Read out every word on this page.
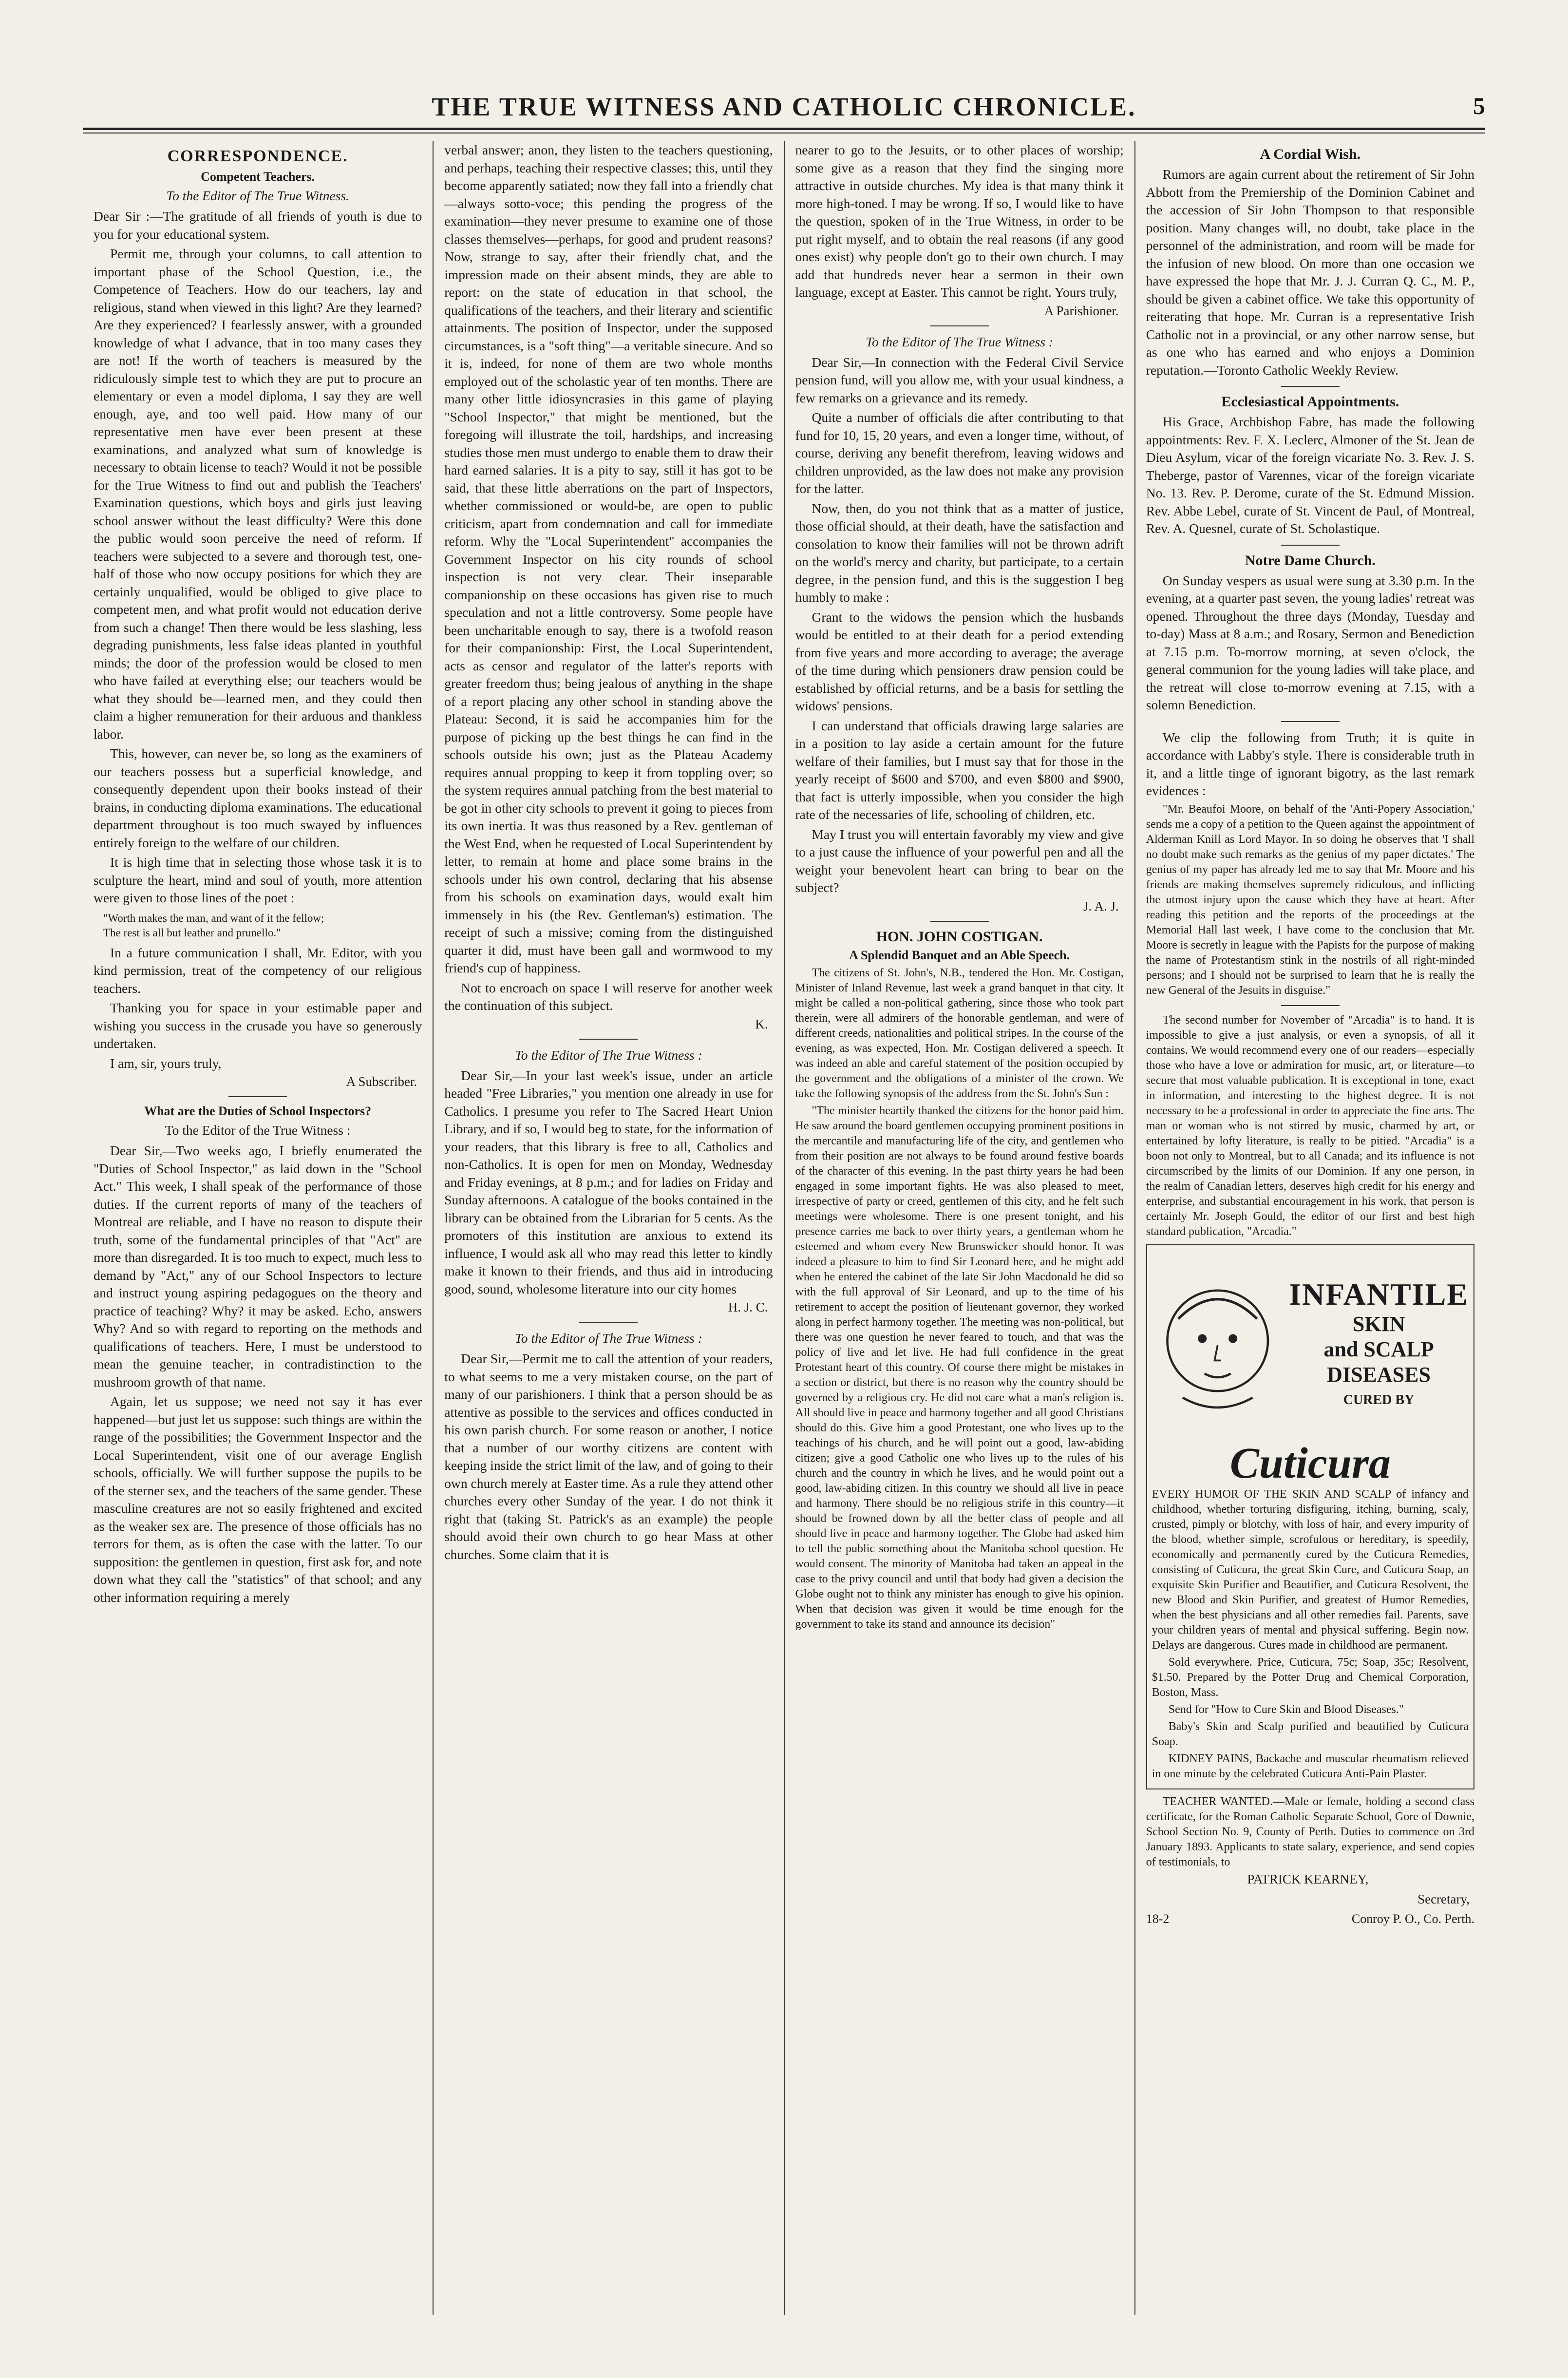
THE TRUE WITNESS AND CATHOLIC CHRONICLE.	5
CORRESPONDENCE.
Competent Teachers.
To the Editor of The True Witness.

Dear Sir :—The gratitude of all friends of youth is due to you for your educational system.

Permit me, through your columns, to call attention to important phase of the School Question, i.e., the Competence of Teachers. How do our teachers, lay and religious, stand when viewed in this light? Are they learned? Are they experienced? I fearlessly answer, with a grounded knowledge of what I advance, that in too many cases they are not! If the worth of teachers is measured by the ridiculously simple test to which they are put to procure an elementary or even a model diploma, I say they are well enough, aye, and too well paid. How many of our representative men have ever been present at these examinations, and analyzed what sum of knowledge is necessary to obtain license to teach? Would it not be possible for the True Witness to find out and publish the Teachers' Examination questions, which boys and girls just leaving school answer without the least difficulty? Were this done the public would soon perceive the need of reform. If teachers were subjected to a severe and thorough test, one-half of those who now occupy positions for which they are certainly unqualified, would be obliged to give place to competent men, and what profit would not education derive from such a change! Then there would be less slashing, less degrading punishments, less false ideas planted in youthful minds; the door of the profession would be closed to men who have failed at everything else; our teachers would be what they should be—learned men, and they could then claim a higher remuneration for their arduous and thankless labor.

This, however, can never be, so long as the examiners of our teachers possess but a superficial knowledge, and consequently dependent upon their books instead of their brains, in conducting diploma examinations. The educational department throughout is too much swayed by influences entirely foreign to the welfare of our children.

It is high time that in selecting those whose task it is to sculpture the heart, mind and soul of youth, more attention were given to those lines of the poet :

"Worth makes the man, and want of it the fellow;
The rest is all but leather and prunello."

In a future communication I shall, Mr. Editor, with you kind permission, treat of the competency of our religious teachers.

Thanking you for space in your estimable paper and wishing you success in the crusade you have so generously undertaken.

I am, sir, yours truly,

A Subscriber.
What are the Duties of School Inspectors?
To the Editor of the True Witness :

Dear Sir,—Two weeks ago, I briefly enumerated the "Duties of School Inspector," as laid down in the "School Act." This week, I shall speak of the performance of those duties. If the current reports of many of the teachers of Montreal are reliable, and I have no reason to dispute their truth, some of the fundamental principles of that "Act" are more than disregarded. It is too much to expect, much less to demand by "Act," any of our School Inspectors to lecture and instruct young aspiring pedagogues on the theory and practice of teaching? Why? it may be asked. Echo, answers Why? And so with regard to reporting on the methods and qualifications of teachers. Here, I must be understood to mean the genuine teacher, in contradistinction to the mushroom growth of that name.

Again, let us suppose; we need not say it has ever happened—but just let us suppose: such things are within the range of the possibilities; the Government Inspector and the Local Superintendent, visit one of our average English schools, officially. We will further suppose the pupils to be of the sterner sex, and the teachers of the same gender. These masculine creatures are not so easily frightened and excited as the weaker sex are. The presence of those officials has no terrors for them, as is often the case with the latter. To our supposition: the gentlemen in question, first ask for, and note down what they call the "statistics" of that school; and any other information requiring a merely

verbal answer; anon, they listen to the teachers questioning, and perhaps, teaching their respective classes; this, until they become apparently satiated; now they fall into a friendly chat—always sotto-voce; this pending the progress of the examination—they never presume to examine one of those classes themselves—perhaps, for good and prudent reasons? Now, strange to say, after their friendly chat, and the impression made on their absent minds, they are able to report: on the state of education in that school, the qualifications of the teachers, and their literary and scientific attainments. The position of Inspector, under the supposed circumstances, is a "soft thing"—a veritable sinecure. And so it is, indeed, for none of them are two whole months employed out of the scholastic year of ten months. There are many other little idiosyncrasies in this game of playing "School Inspector," that might be mentioned, but the foregoing will illustrate the toil, hardships, and increasing studies those men must undergo to enable them to draw their hard earned salaries. It is a pity to say, still it has got to be said, that these little aberrations on the part of Inspectors, whether commissioned or would-be, are open to public criticism, apart from condemnation and call for immediate reform. Why the "Local Superintendent" accompanies the Government Inspector on his city rounds of school inspection is not very clear. Their inseparable companionship on these occasions has given rise to much speculation and not a little controversy. Some people have been uncharitable enough to say, there is a twofold reason for their companionship: First, the Local Superintendent, acts as censor and regulator of the latter's reports with greater freedom thus; being jealous of anything in the shape of a report placing any other school in standing above the Plateau: Second, it is said he accompanies him for the purpose of picking up the best things he can find in the schools outside his own; just as the Plateau Academy requires annual propping to keep it from toppling over; so the system requires annual patching from the best material to be got in other city schools to prevent it going to pieces from its own inertia. It was thus reasoned by a Rev. gentleman of the West End, when he requested of Local Superintendent by letter, to remain at home and place some brains in the schools under his own control, declaring that his absense from his schools on examination days, would exalt him immensely in his (the Rev. Gentleman's) estimation. The receipt of such a missive; coming from the distinguished quarter it did, must have been gall and wormwood to my friend's cup of happiness.

Not to encroach on space I will reserve for another week the continuation of this subject.

K.
To the Editor of The True Witness :

Dear Sir,—In your last week's issue, under an article headed "Free Libraries," you mention one already in use for Catholics. I presume you refer to The Sacred Heart Union Library, and if so, I would beg to state, for the information of your readers, that this library is free to all, Catholics and non-Catholics. It is open for men on Monday, Wednesday and Friday evenings, at 8 p.m.; and for ladies on Friday and Sunday afternoons. A catalogue of the books contained in the library can be obtained from the Librarian for 5 cents. As the promoters of this institution are anxious to extend its influence, I would ask all who may read this letter to kindly make it known to their friends, and thus aid in introducing good, sound, wholesome literature into our city homes

H. J. C.
To the Editor of The True Witness :

Dear Sir,—Permit me to call the attention of your readers, to what seems to me a very mistaken course, on the part of many of our parishioners. I think that a person should be as attentive as possible to the services and offices conducted in his own parish church. For some reason or another, I notice that a number of our worthy citizens are content with keeping inside the strict limit of the law, and of going to their own church merely at Easter time. As a rule they attend other churches every other Sunday of the year. I do not think it right that (taking St. Patrick's as an example) the people should avoid their own church to go hear Mass at other churches. Some claim that it is

nearer to go to the Jesuits, or to other places of worship; some give as a reason that they find the singing more attractive in outside churches. My idea is that many think it more high-toned. I may be wrong. If so, I would like to have the question, spoken of in the True Witness, in order to be put right myself, and to obtain the real reasons (if any good ones exist) why people don't go to their own church. I may add that hundreds never hear a sermon in their own language, except at Easter. This cannot be right. Yours truly,

A Parishioner.
To the Editor of The True Witness :

Dear Sir,—In connection with the Federal Civil Service pension fund, will you allow me, with your usual kindness, a few remarks on a grievance and its remedy.

Quite a number of officials die after contributing to that fund for 10, 15, 20 years, and even a longer time, without, of course, deriving any benefit therefrom, leaving widows and children unprovided, as the law does not make any provision for the latter.

Now, then, do you not think that as a matter of justice, those official should, at their death, have the satisfaction and consolation to know their families will not be thrown adrift on the world's mercy and charity, but participate, to a certain degree, in the pension fund, and this is the suggestion I beg humbly to make :

Grant to the widows the pension which the husbands would be entitled to at their death for a period extending from five years and more according to average; the average of the time during which pensioners draw pension could be established by official returns, and be a basis for settling the widows' pensions.

I can understand that officials drawing large salaries are in a position to lay aside a certain amount for the future welfare of their families, but I must say that for those in the yearly receipt of $600 and $700, and even $800 and $900, that fact is utterly impossible, when you consider the high rate of the necessaries of life, schooling of children, etc.

May I trust you will entertain favorably my view and give to a just cause the influence of your powerful pen and all the weight your benevolent heart can bring to bear on the subject?

J. A. J.
HON. JOHN COSTIGAN.
A Splendid Banquet and an Able Speech.

The citizens of St. John's, N.B., tendered the Hon. Mr. Costigan, Minister of Inland Revenue, last week a grand banquet in that city. It might be called a non-political gathering, since those who took part therein, were all admirers of the honorable gentleman, and were of different creeds, nationalities and political stripes. In the course of the evening, as was expected, Hon. Mr. Costigan delivered a speech. It was indeed an able and careful statement of the position occupied by the government and the obligations of a minister of the crown. We take the following synopsis of the address from the St. John's Sun :

"The minister heartily thanked the citizens for the honor paid him. He saw around the board gentlemen occupying prominent positions in the mercantile and manufacturing life of the city, and gentlemen who from their position are not always to be found around festive boards of the character of this evening. In the past thirty years he had been engaged in some important fights. He was also pleased to meet, irrespective of party or creed, gentlemen of this city, and he felt such meetings were wholesome. There is one present tonight, and his presence carries me back to over thirty years, a gentleman whom he esteemed and whom every New Brunswicker should honor. It was indeed a pleasure to him to find Sir Leonard here, and he might add when he entered the cabinet of the late Sir John Macdonald he did so with the full approval of Sir Leonard, and up to the time of his retirement to accept the position of lieutenant governor, they worked along in perfect harmony together. The meeting was non-political, but there was one question he never feared to touch, and that was the policy of live and let live. He had full confidence in the great Protestant heart of this country. Of course there might be mistakes in a section or district, but there is no reason why the country should be governed by a religious cry. He did not care what a man's religion is. All should live in peace and harmony together and all good Christians should do this. Give him a good Protestant, one who lives up to the teachings of his church, and he will point out a good, law-abiding citizen; give a good Catholic one who lives up to the rules of his church and the country in which he lives, and he would point out a good, law-abiding citizen. In this country we should all live in peace and harmony. There should be no religious strife in this country—it should be frowned down by all the better class of people and all should live in peace and harmony together. The Globe had asked him to tell the public something about the Manitoba school question. He would consent. The minority of Manitoba had taken an appeal in the case to the privy council and until that body had given a decision the Globe ought not to think any minister has enough to give his opinion. When that decision was given it would be time enough for the government to take its stand and announce its decision"

A Cordial Wish.

Rumors are again current about the retirement of Sir John Abbott from the Premiership of the Dominion Cabinet and the accession of Sir John Thompson to that responsible position. Many changes will, no doubt, take place in the personnel of the administration, and room will be made for the infusion of new blood. On more than one occasion we have expressed the hope that Mr. J. J. Curran Q. C., M. P., should be given a cabinet office. We take this opportunity of reiterating that hope. Mr. Curran is a representative Irish Catholic not in a provincial, or any other narrow sense, but as one who has earned and who enjoys a Dominion reputation.—Toronto Catholic Weekly Review.

Ecclesiastical Appointments.

His Grace, Archbishop Fabre, has made the following appointments: Rev. F. X. Leclerc, Almoner of the St. Jean de Dieu Asylum, vicar of the foreign vicariate No. 3. Rev. J. S. Theberge, pastor of Varennes, vicar of the foreign vicariate No. 13. Rev. P. Derome, curate of the St. Edmund Mission. Rev. Abbe Lebel, curate of St. Vincent de Paul, of Montreal, Rev. A. Quesnel, curate of St. Scholastique.

Notre Dame Church.

On Sunday vespers as usual were sung at 3.30 p.m. In the evening, at a quarter past seven, the young ladies' retreat was opened. Throughout the three days (Monday, Tuesday and to-day) Mass at 8 a.m.; and Rosary, Sermon and Benediction at 7.15 p.m. To-morrow morning, at seven o'clock, the general communion for the young ladies will take place, and the retreat will close to-morrow evening at 7.15, with a solemn Benediction.

We clip the following from Truth; it is quite in accordance with Labby's style. There is considerable truth in it, and a little tinge of ignorant bigotry, as the last remark evidences :

"Mr. Beaufoi Moore, on behalf of the 'Anti-Popery Association,' sends me a copy of a petition to the Queen against the appointment of Alderman Knill as Lord Mayor. In so doing he observes that 'I shall no doubt make such remarks as the genius of my paper dictates.' The genius of my paper has already led me to say that Mr. Moore and his friends are making themselves supremely ridiculous, and inflicting the utmost injury upon the cause which they have at heart. After reading this petition and the reports of the proceedings at the Memorial Hall last week, I have come to the conclusion that Mr. Moore is secretly in league with the Papists for the purpose of making the name of Protestantism stink in the nostrils of all right-minded persons; and I should not be surprised to learn that he is really the new General of the Jesuits in disguise."

The second number for November of "Arcadia" is to hand. It is impossible to give a just analysis, or even a synopsis, of all it contains. We would recommend every one of our readers—especially those who have a love or admiration for music, art, or literature—to secure that most valuable publication. It is exceptional in tone, exact in information, and interesting to the highest degree. It is not necessary to be a professional in order to appreciate the fine arts. The man or woman who is not stirred by music, charmed by art, or entertained by lofty literature, is really to be pitied. "Arcadia" is a boon not only to Montreal, but to all Canada; and its influence is not circumscribed by the limits of our Dominion. If any one person, in the realm of Canadian letters, deserves high credit for his energy and enterprise, and substantial encouragement in his work, that person is certainly Mr. Joseph Gould, the editor of our first and best high standard publication, "Arcadia."

INFANTILE
SKIN
and SCALP
DISEASES
CURED BY
Cuticura

EVERY HUMOR OF THE SKIN AND SCALP of infancy and childhood, whether torturing disfiguring, itching, burning, scaly, crusted, pimply or blotchy, with loss of hair, and every impurity of the blood, whether simple, scrofulous or hereditary, is speedily, economically and permanently cured by the Cuticura Remedies, consisting of Cuticura, the great Skin Cure, and Cuticura Soap, an exquisite Skin Purifier and Beautifier, and Cuticura Resolvent, the new Blood and Skin Purifier, and greatest of Humor Remedies, when the best physicians and all other remedies fail. Parents, save your children years of mental and physical suffering. Begin now. Delays are dangerous. Cures made in childhood are permanent.

Sold everywhere. Price, Cuticura, 75c; Soap, 35c; Resolvent, $1.50. Prepared by the Potter Drug and Chemical Corporation, Boston, Mass.

Send for "How to Cure Skin and Blood Diseases."

Baby's Skin and Scalp purified and beautified by Cuticura Soap.

KIDNEY PAINS, Backache and muscular rheumatism relieved in one minute by the celebrated Cuticura Anti-Pain Plaster.

TEACHER WANTED.—Male or female, holding a second class certificate, for the Roman Catholic Separate School, Gore of Downie, School Section No. 9, County of Perth. Duties to commence on 3rd January 1893. Applicants to state salary, experience, and send copies of testimonials, to

PATRICK KEARNEY,
Secretary,
18-2	Conroy P. O., Co. Perth.
